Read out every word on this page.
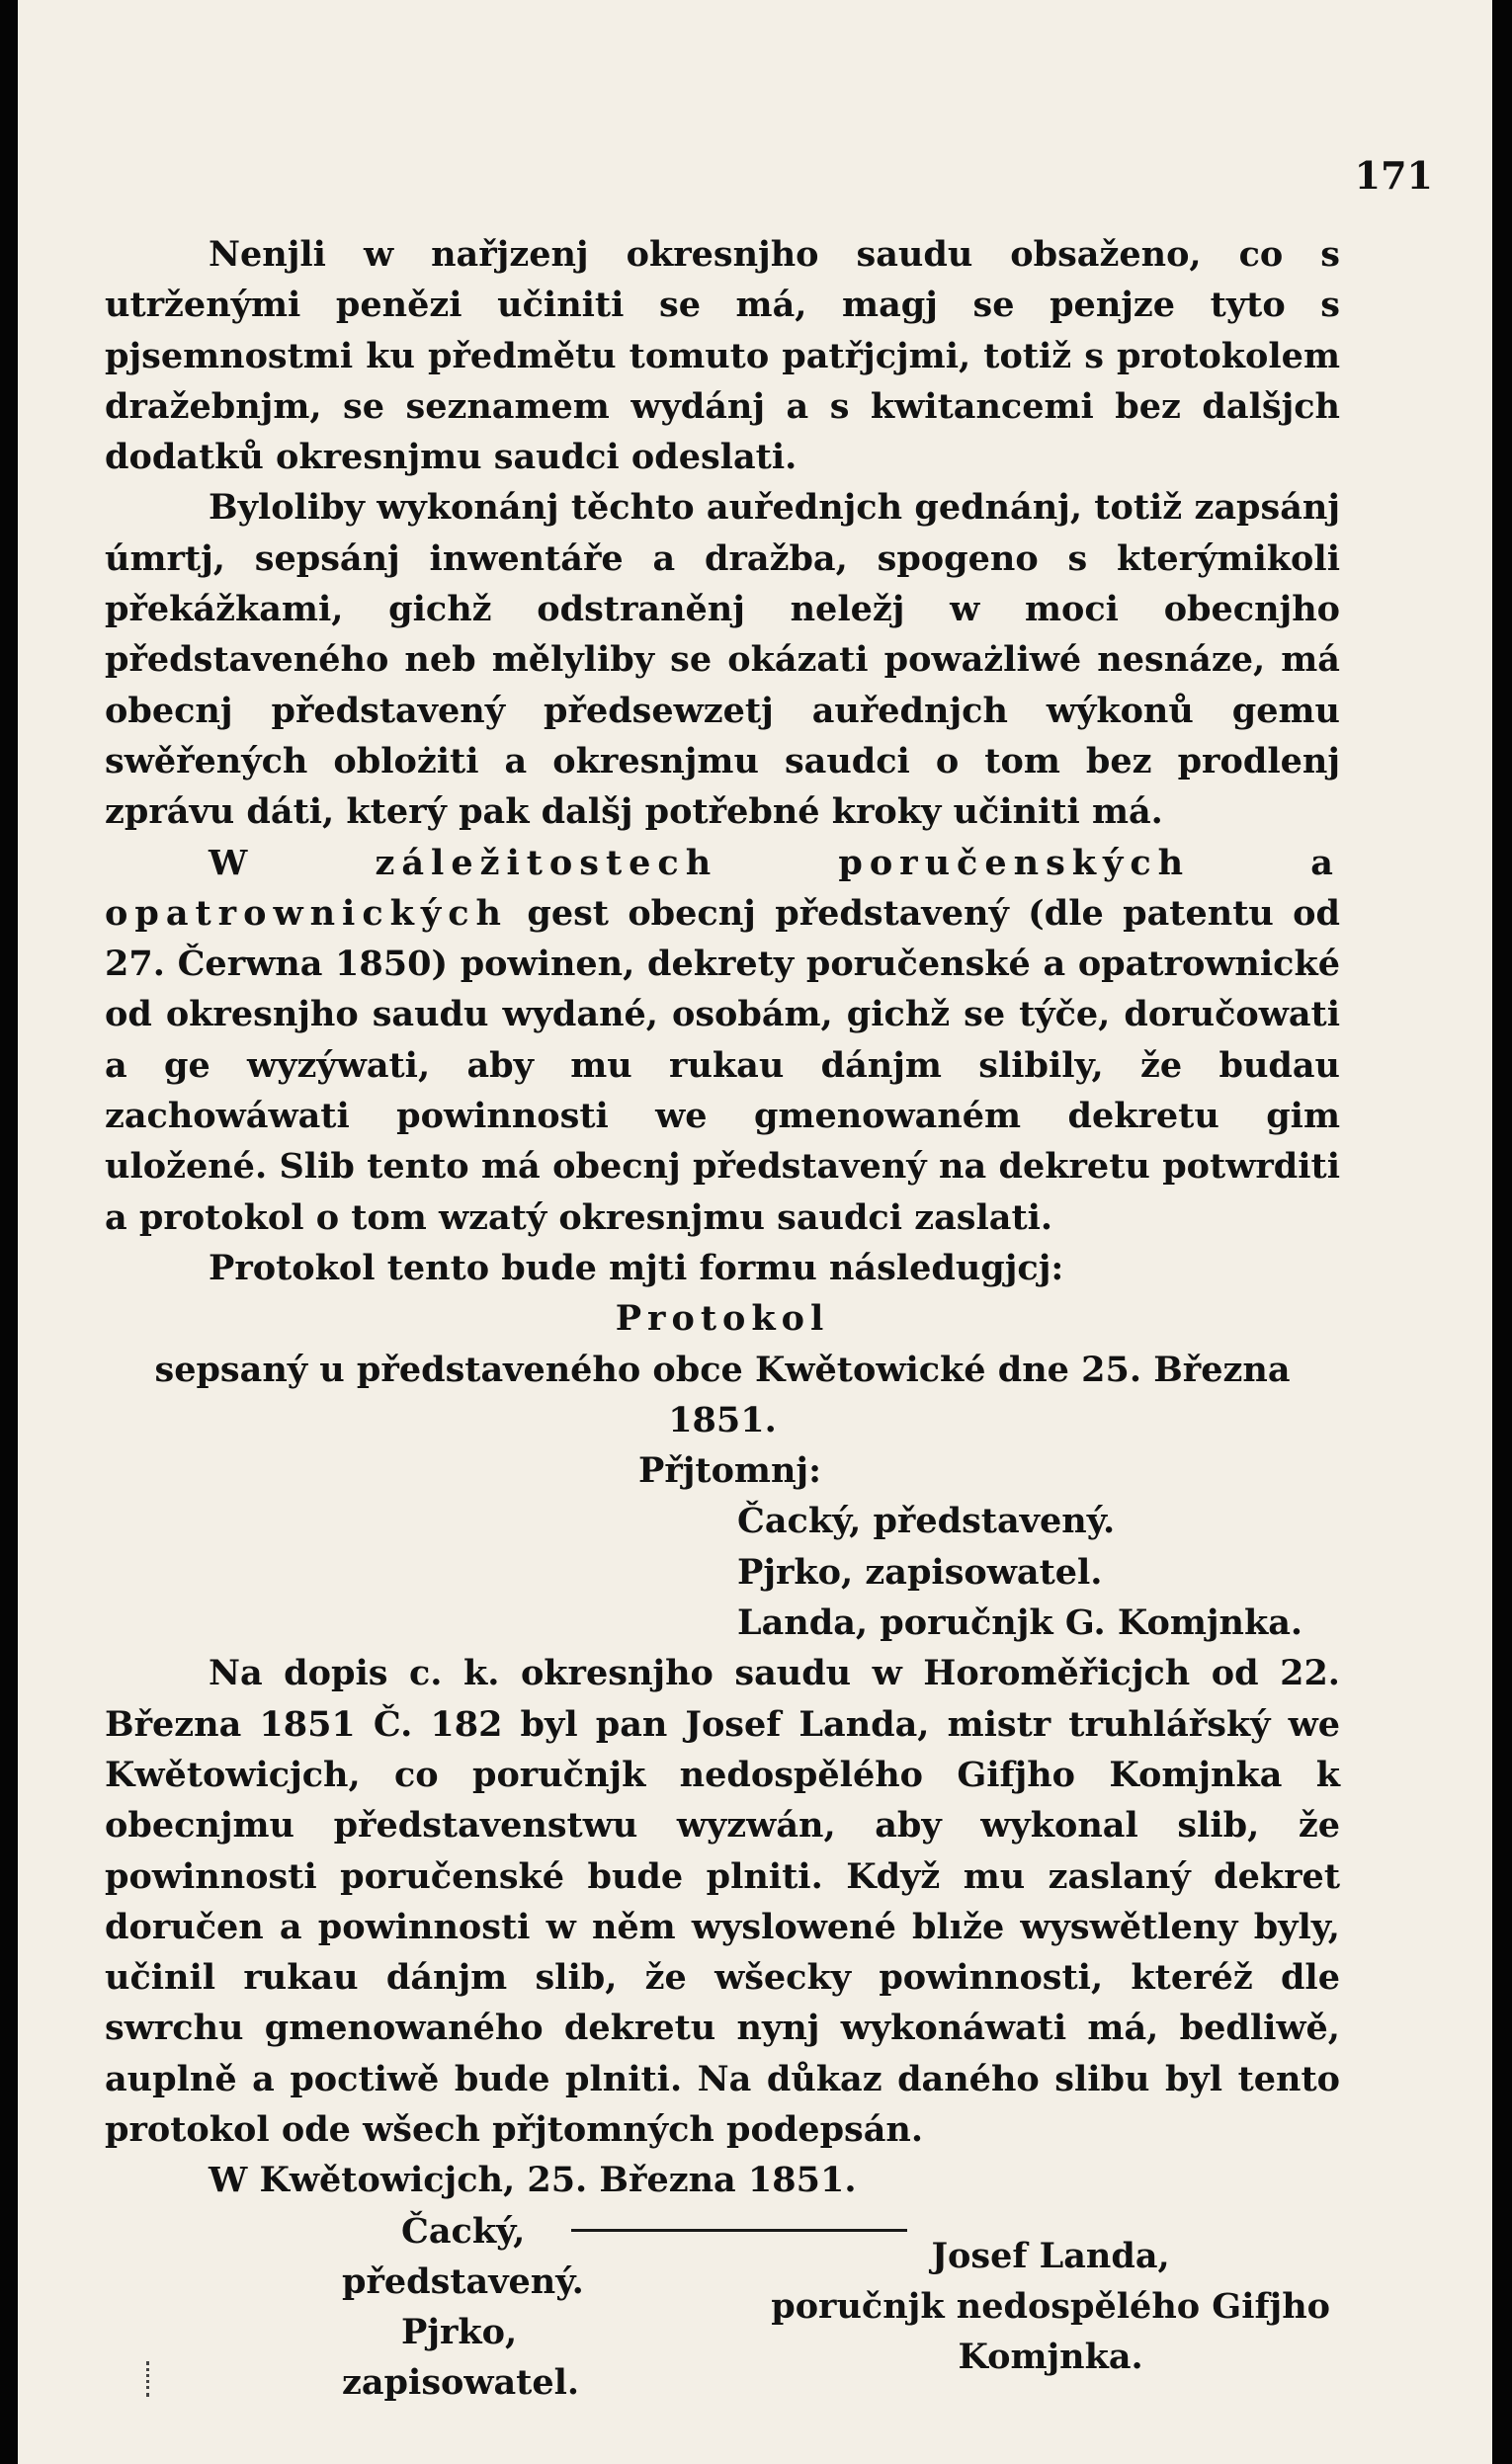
171

Nenjli w nařjzenj okresnjho saudu obsaženo, co s utrženými penězi učiniti se má, magj se penjze tyto s pjsemnostmi ku předmětu tomuto patřjcjmi, totiž s protokolem dražebnjm, se seznamem wydánj a s kwitancemi bez dalšjch dodatků okresnjmu saudci odeslati.

Byloliby wykonánj těchto auřednjch gednánj, totiž zapsánj úmrtj, sepsánj inwentáře a dražba, spogeno s kterýmikoli překážkami, gichž odstraněnj neležj w moci obecnjho představeného neb mělyliby se okázati poważliwé nesnáze, má obecnj představený předsewzetj auřednjch wýkonů gemu swěřených oblożiti a okresnjmu saudci o tom bez prodlenj zprávu dáti, který pak dalšj potřebné kroky učiniti má.

W záležitostech poručenských a opatrownických gest obecnj představený (dle patentu od 27. Čerwna 1850) powinen, dekrety poručenské a opatrownické od okresnjho saudu wydané, osobám, gichž se týče, doručowati a ge wyzýwati, aby mu rukau dánjm slibily, že budau zachowáwati powinnosti we gmenowaném dekretu gim uložené. Slib tento má obecnj představený na dekretu potwrditi a protokol o tom wzatý okresnjmu saudci zaslati.

Protokol tento bude mjti formu následugjcj:

Protokol

sepsaný u představeného obce Kwětowické dne 25. Března 1851.

Přjtomnj:

Čacký, představený.
Pjrko, zapisowatel.
Landa, poručnjk G. Komjnka.

Na dopis c. k. okresnjho saudu w Horoměřicjch od 22. Března 1851 Č. 182 byl pan Josef Landa, mistr truhlářský we Kwětowicjch, co poručnjk nedospělého Gifjho Komjnka k obecnjmu představenstwu wyzwán, aby wykonal slib, že powinnosti poručenské bude plniti. Když mu zaslaný dekret doručen a powinnosti w něm wyslowené blıže wyswětleny byly, učinil rukau dánjm slib, že wšecky powinnosti, kteréž dle swrchu gmenowaného dekretu nynj wykonáwati má, bedliwě, auplně a poctiwě bude plniti. Na důkaz daného slibu byl tento protokol ode wšech přjtomných podepsán.

W Kwětowicjch, 25. Března 1851.

Čacký,
představený.
Pjrko,
zapisowatel.
Josef Landa,
poručnjk nedospělého Gifjho
Komjnka.
